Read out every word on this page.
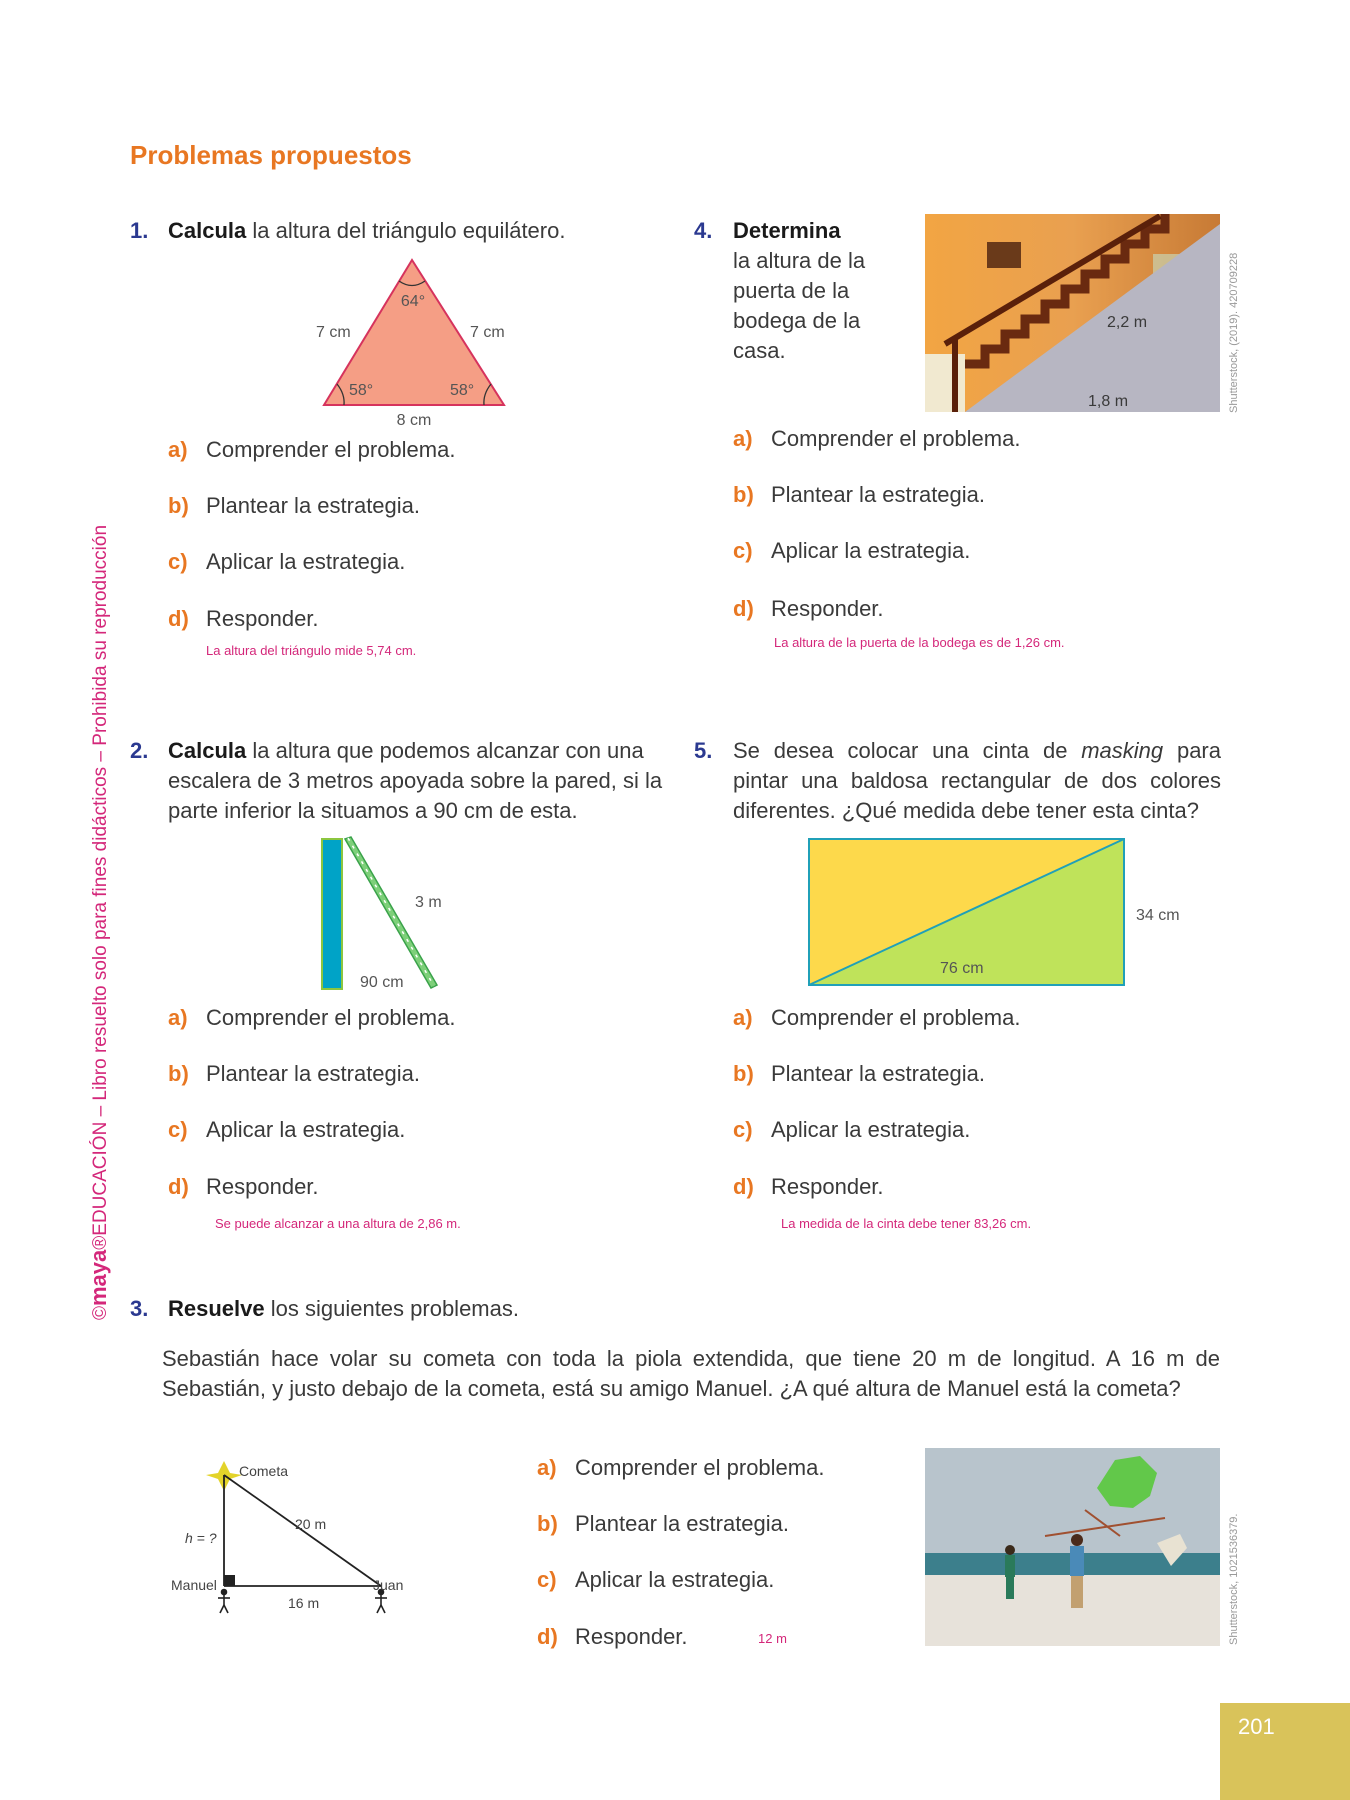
©maya®EDUCACIÓN – Libro resuelto solo para fines didácticos – Prohibida su reproducción
Problemas propuestos
1. Calcula la altura del triángulo equilátero.
64°
58°	58°
7 cm	7 cm
8 cm
a) Comprender el problema.
b) Plantear la estrategia.
c) Aplicar la estrategia.
d) Responder.
La altura del triángulo mide 5,74 cm.
4. Determina
la altura de la
puerta de la
bodega de la
casa.
2,2 m
1,8 m	Shutterstock, (2019). 420709228
a) Comprender el problema.
b) Plantear la estrategia.
c) Aplicar la estrategia.
d) Responder.
La altura de la puerta de la bodega es de 1,26 cm.
2. Calcula la altura que podemos alcanzar con una escalera de 3 metros apoyada sobre la pared, si la parte inferior la situamos a 90 cm de esta.
3 m
90 cm
a) Comprender el problema.
b) Plantear la estrategia.
c) Aplicar la estrategia.
d) Responder.
Se puede alcanzar a una altura de 2,86 m.
5. Se desea colocar una cinta de masking para pintar una baldosa rectangular de dos colores diferentes. ¿Qué medida debe tener esta cinta?
34 cm
76 cm
a) Comprender el problema.
b) Plantear la estrategia.
c) Aplicar la estrategia.
d) Responder.
La medida de la cinta debe tener 83,26 cm.
3. Resuelve los siguientes problemas.
Sebastián hace volar su cometa con toda la piola extendida, que tiene 20 m de longitud. A 16 m de Sebastián, y justo debajo de la cometa, está su amigo Manuel. ¿A qué altura de Manuel está la cometa?
Cometa
20 m
h = ?
Manuel	Juan
16 m
a) Comprender el problema.
b) Plantear la estrategia.
c) Aplicar la estrategia.
d) Responder.	12 m	Shutterstock, 1021536379.
201
